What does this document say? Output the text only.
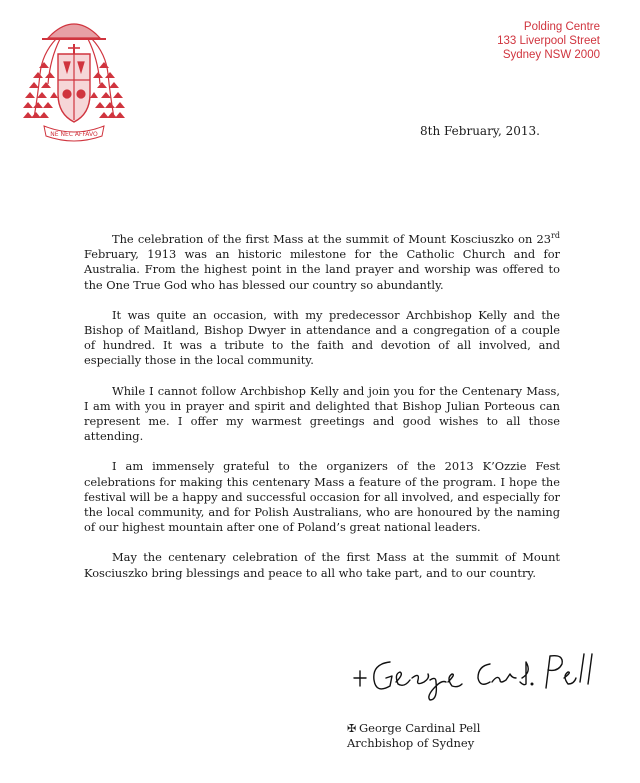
NE NEC AFFAVO
Polding Centre
133 Liverpool Street
Sydney NSW 2000
8th February, 2013.

The celebration of the first Mass at the summit of Mount Kosciuszko on 23rd February, 1913 was an historic milestone for the Catholic Church and for Australia. From the highest point in the land prayer and worship was offered to the One True God who has blessed our country so abundantly.

It was quite an occasion, with my predecessor Archbishop Kelly and the Bishop of Maitland, Bishop Dwyer in attendance and a congregation of a couple of hundred. It was a tribute to the faith and devotion of all involved, and especially those in the local community.

While I cannot follow Archbishop Kelly and join you for the Centenary Mass, I am with you in prayer and spirit and delighted that Bishop Julian Porteous can represent me. I offer my warmest greetings and good wishes to all those attending.

I am immensely grateful to the organizers of the 2013 K’Ozzie Fest celebrations for making this centenary Mass a feature of the program. I hope the festival will be a happy and successful occasion for all involved, and especially for the local community, and for Polish Australians, who are honoured by the naming of our highest mountain after one of Poland’s great national leaders.

May the centenary celebration of the first Mass at the summit of Mount Kosciuszko bring blessings and peace to all who take part, and to our country.

✠ George Cardinal Pell
Archbishop of Sydney
